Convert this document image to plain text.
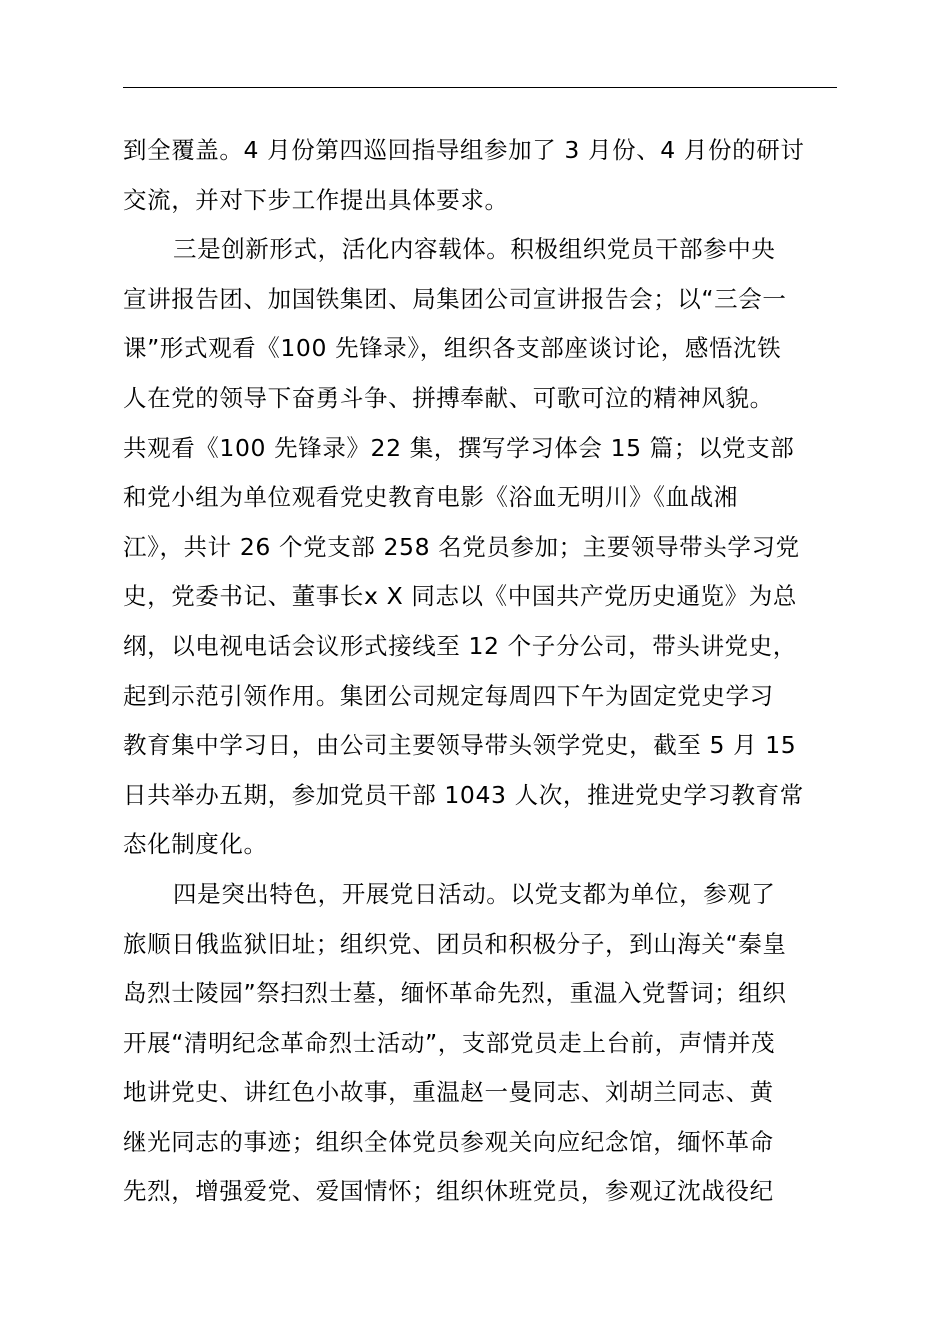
到全覆盖。4 月份第四巡回指导组参加了 3 月份、4 月份的研讨
交流，并对下步工作提出具体要求。
三是创新形式，活化内容载体。积极组织党员干部参中央
宣讲报告团、加国铁集团、局集团公司宣讲报告会；以“三会一
课”形式观看《100 先锋录》，组织各支部座谈讨论，感悟沈铁
人在党的领导下奋勇斗争、拼搏奉献、可歌可泣的精神风貌。
共观看《100 先锋录》22 集，撰写学习体会 15 篇；以党支部
和党小组为单位观看党史教育电影《浴血无明川》《血战湘
江》，共计 26 个党支部 258 名党员参加；主要领导带头学习党
史，党委书记、董事长x X 同志以《中国共产党历史通览》为总
纲，以电视电话会议形式接线至 12 个子分公司，带头讲党史，
起到示范引领作用。集团公司规定每周四下午为固定党史学习
教育集中学习日，由公司主要领导带头领学党史，截至 5 月 15
日共举办五期，参加党员干部 1043 人次，推进党史学习教育常
态化制度化。
四是突出特色，开展党日活动。以党支都为单位，参观了
旅顺日俄监狱旧址；组织党、团员和积极分子，到山海关“秦皇
岛烈士陵园”祭扫烈士墓，缅怀革命先烈，重温入党誓词；组织
开展“清明纪念革命烈士活动”，支部党员走上台前，声情并茂
地讲党史、讲红色小故事，重温赵一曼同志、刘胡兰同志、黄
继光同志的事迹；组织全体党员参观关向应纪念馆，缅怀革命
先烈，增强爱党、爱国情怀；组织休班党员，参观辽沈战役纪
